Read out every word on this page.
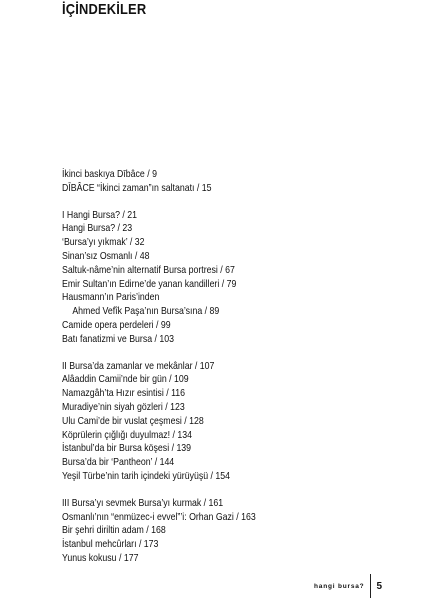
İÇİNDEKİLER
İkinci baskıya Dībâce / 9
DĪBÂCE “İkinci zaman”ın saltanatı / 15
I Hangi Bursa? / 21
Hangi Bursa? / 23
‘Bursa’yı yıkmak’ / 32
Sinan’sız Osmanlı / 48
Saltuk-nâme’nin alternatif Bursa portresi / 67
Emir Sultan’ın Edirne’de yanan kandilleri / 79
Hausmann’ın Paris’inden
Ahmed Vefîk Paşa’nın Bursa’sına / 89
Camide opera perdeleri / 99
Batı fanatizmi ve Bursa / 103
II Bursa’da zamanlar ve mekânlar / 107
Alâaddin Camii’nde bir gün / 109
Namazgâh’ta Hızır esintisi / 116
Muradiye’nin siyah gözleri / 123
Ulu Cami’de bir vuslat çeşmesi / 128
Köprülerin çığlığı duyulmaz! / 134
İstanbul’da bir Bursa köşesi / 139
Bursa’da bir ‘Pantheon’ / 144
Yeşil Türbe’nin tarih içindeki yürüyüşü / 154
III Bursa’yı sevmek Bursa’yı kurmak / 161
Osmanlı’nın “enmüzec-i evvel”’i: Orhan Gazi / 163
Bir şehri diriltin adam / 168
İstanbul mehcûrları / 173
Yunus kokusu / 177
hangi bursa?	5
